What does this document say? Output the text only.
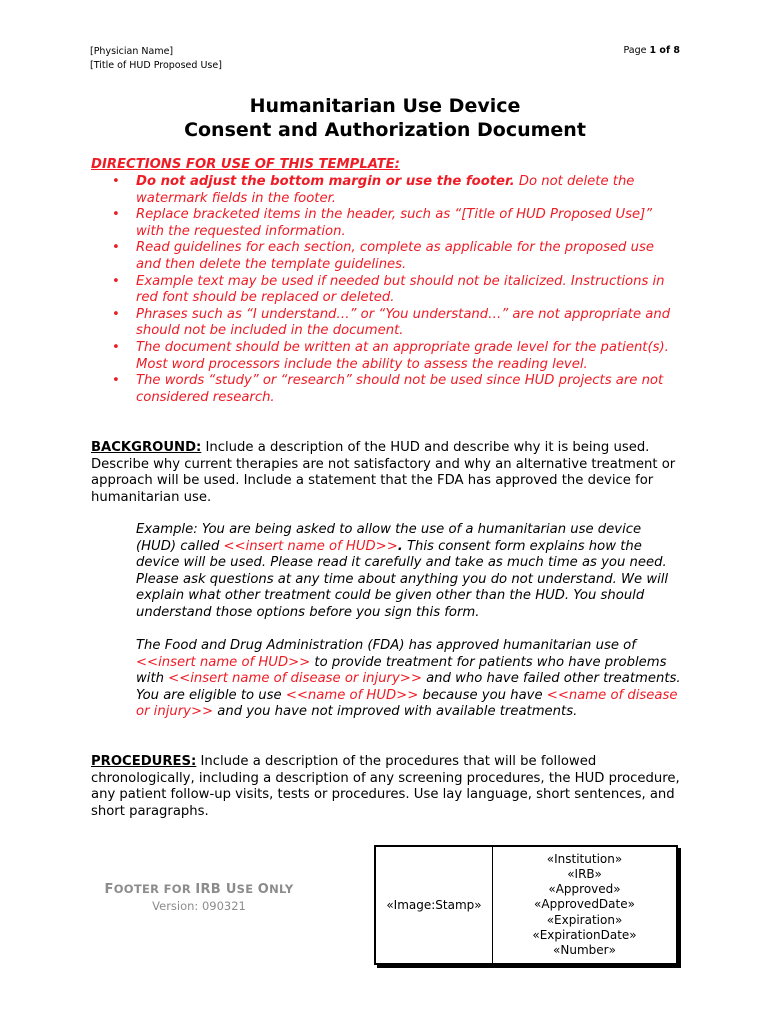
[Physician Name]
[Title of HUD Proposed Use]
Page 1 of 8
Humanitarian Use Device
Consent and Authorization Document
DIRECTIONS FOR USE OF THIS TEMPLATE:
• Do not adjust the bottom margin or use the footer. Do not delete the watermark fields in the footer.
• Replace bracketed items in the header, such as “[Title of HUD Proposed Use]” with the requested information.
• Read guidelines for each section, complete as applicable for the proposed use and then delete the template guidelines.
• Example text may be used if needed but should not be italicized. Instructions in red font should be replaced or deleted.
• Phrases such as “I understand…” or “You understand…” are not appropriate and should not be included in the document.
• The document should be written at an appropriate grade level for the patient(s). Most word processors include the ability to assess the reading level.
• The words “study” or “research” should not be used since HUD projects are not considered research.
BACKGROUND: Include a description of the HUD and describe why it is being used. Describe why current therapies are not satisfactory and why an alternative treatment or approach will be used. Include a statement that the FDA has approved the device for humanitarian use.
Example: You are being asked to allow the use of a humanitarian use device (HUD) called <<insert name of HUD>>. This consent form explains how the device will be used. Please read it carefully and take as much time as you need. Please ask questions at any time about anything you do not understand. We will explain what other treatment could be given other than the HUD. You should understand those options before you sign this form.
The Food and Drug Administration (FDA) has approved humanitarian use of <<insert name of HUD>> to provide treatment for patients who have problems with <<insert name of disease or injury>> and who have failed other treatments. You are eligible to use <<name of HUD>> because you have <<name of disease or injury>> and you have not improved with available treatments.
PROCEDURES: Include a description of the procedures that will be followed chronologically, including a description of any screening procedures, the HUD procedure, any patient follow-up visits, tests or procedures. Use lay language, short sentences, and short paragraphs.
FOOTER FOR IRB USE ONLY
Version: 090321	«Image:Stamp»
«Institution»
«IRB»
«Approved»
«ApprovedDate»
«Expiration»
«ExpirationDate»
«Number»
